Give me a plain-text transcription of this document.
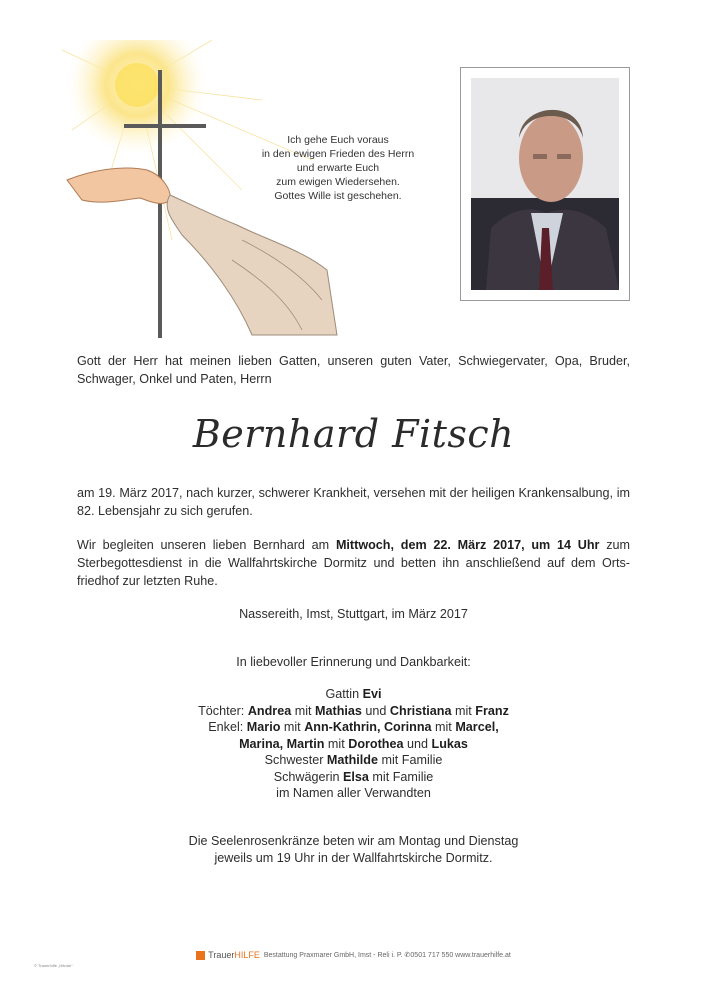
Ich gehe Euch voraus
in den ewigen Frieden des Herrn
und erwarte Euch
zum ewigen Wiedersehen.
Gottes Wille ist geschehen.
Gott der Herr hat meinen lieben Gatten, unseren guten Vater, Schwiegervater, Opa, Bruder, Schwager, Onkel und Paten, Herrn
Bernhard Fitsch
am 19. März 2017, nach kurzer, schwerer Krankheit, versehen mit der heiligen Krankensalbung, im 82. Lebensjahr zu sich gerufen.
Wir begleiten unseren lieben Bernhard am Mittwoch, dem 22. März 2017, um 14 Uhr zum Sterbegottesdienst in die Wallfahrtskirche Dormitz und betten ihn anschließend auf dem Orts-friedhof zur letzten Ruhe.
Nassereith, Imst, Stuttgart, im März 2017
In liebevoller Erinnerung und Dankbarkeit:
Gattin Evi
Töchter: Andrea mit Mathias und Christiana mit Franz
Enkel: Mario mit Ann-Kathrin, Corinna mit Marcel,
Marina, Martin mit Dorothea und Lukas
Schwester Mathilde mit Familie
Schwägerin Elsa mit Familie
im Namen aller Verwandten
Die Seelenrosenkränze beten wir am Montag und Dienstag
jeweils um 19 Uhr in der Wallfahrtskirche Dormitz.
TrauerHILFE Bestattung Praxmarer GmbH, Imst - Reli i. P. ✆0501 717 550 www.trauerhilfe.at
© Trauerhilfe „Hände“
